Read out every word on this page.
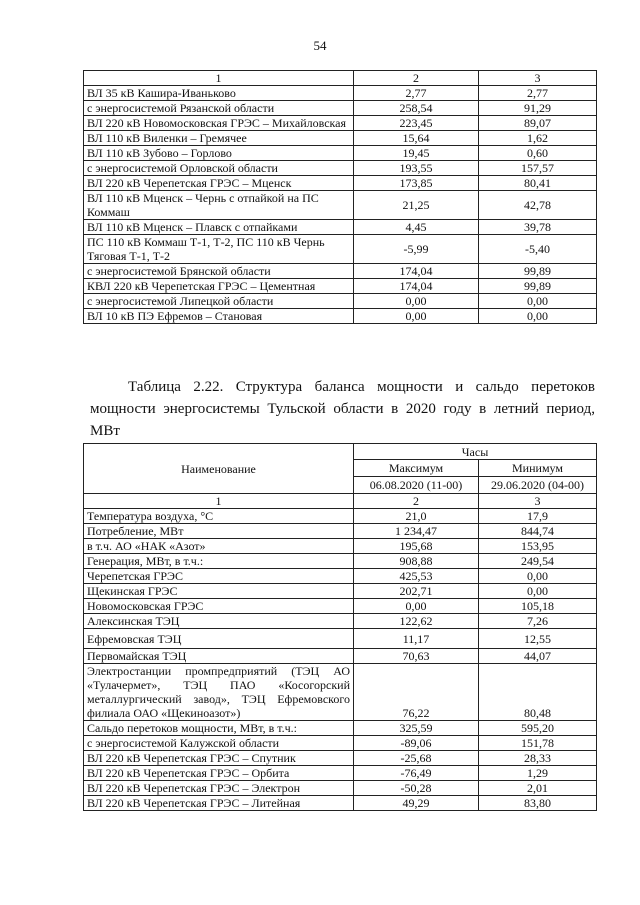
54
1	2	3
ВЛ 35 кВ Кашира-Иваньково	2,77	2,77
с энергосистемой Рязанской области	258,54	91,29
ВЛ 220 кВ Новомосковская ГРЭС – Михайловская	223,45	89,07
ВЛ 110 кВ Виленки – Гремячее	15,64	1,62
ВЛ 110 кВ Зубово – Горлово	19,45	0,60
с энергосистемой Орловской области	193,55	157,57
ВЛ 220 кВ Черепетская ГРЭС – Мценск	173,85	80,41
ВЛ 110 кВ Мценск – Чернь с отпайкой на ПС Коммаш	21,25	42,78
ВЛ 110 кВ Мценск – Плавск с отпайками	4,45	39,78
ПС 110 кВ Коммаш Т-1, Т-2, ПС 110 кВ Чернь Тяговая Т-1, Т-2	-5,99	-5,40
с энергосистемой Брянской области	174,04	99,89
КВЛ 220 кВ Черепетская ГРЭС – Цементная	174,04	99,89
с энергосистемой Липецкой области	0,00	0,00
ВЛ 10 кВ ПЭ Ефремов – Становая	0,00	0,00
Таблица 2.22. Структура баланса мощности и сальдо перетоков
мощности энергосистемы Тульской области в 2020 году в летний период,
МВт
Наименование	Часы	
	Максимум	Минимум
	06.08.2020 (11-00)	29.06.2020 (04-00)
1	2	3
Температура воздуха, °С	21,0	17,9
Потребление, МВт	1 234,47	844,74
в т.ч. АО «НАК «Азот»	195,68	153,95
Генерация, МВт, в т.ч.:	908,88	249,54
Черепетская ГРЭС	425,53	0,00
Щекинская ГРЭС	202,71	0,00
Новомосковская ГРЭС	0,00	105,18
Алексинская ТЭЦ	122,62	7,26
Ефремовская ТЭЦ	11,17	12,55
Первомайская ТЭЦ	70,63	44,07
Электростанции промпредприятий (ТЭЦ АО «Тулачермет», ТЭЦ ПАО «Косогорский металлургический завод», ТЭЦ Ефремовского филиала ОАО «Щекиноазот»)	76,22	80,48
Сальдо перетоков мощности, МВт, в т.ч.:	325,59	595,20
с энергосистемой Калужской области	-89,06	151,78
ВЛ 220 кВ Черепетская ГРЭС – Спутник	-25,68	28,33
ВЛ 220 кВ Черепетская ГРЭС – Орбита	-76,49	1,29
ВЛ 220 кВ Черепетская ГРЭС – Электрон	-50,28	2,01
ВЛ 220 кВ Черепетская ГРЭС – Литейная	49,29	83,80
